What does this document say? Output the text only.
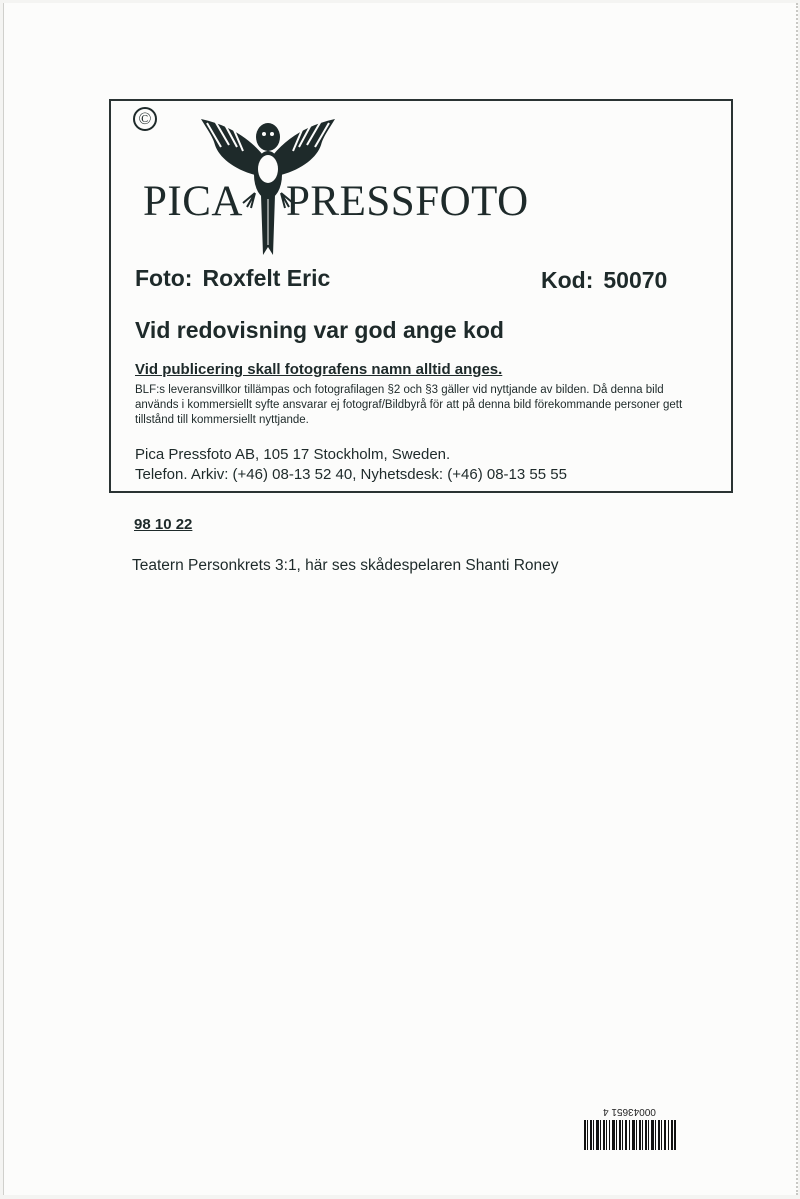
©
PICA PRESSFOTO
Foto: Roxfelt Eric	Kod: 50070
Vid redovisning var god ange kod
Vid publicering skall fotografens namn alltid anges.
BLF:s leveransvillkor tillämpas och fotografilagen §2 och §3 gäller vid nyttjande av bilden. Då denna bild används i kommersiellt syfte ansvarar ej fotograf/Bildbyrå för att på denna bild förekommande personer gett tillstånd till kommersiellt nyttjande.
Pica Pressfoto AB, 105 17 Stockholm, Sweden.
Telefon. Arkiv: (+46) 08-13 52 40, Nyhetsdesk: (+46) 08-13 55 55
98 10 22
Teatern Personkrets 3:1, här ses skådespelaren Shanti Roney
00043651 4
